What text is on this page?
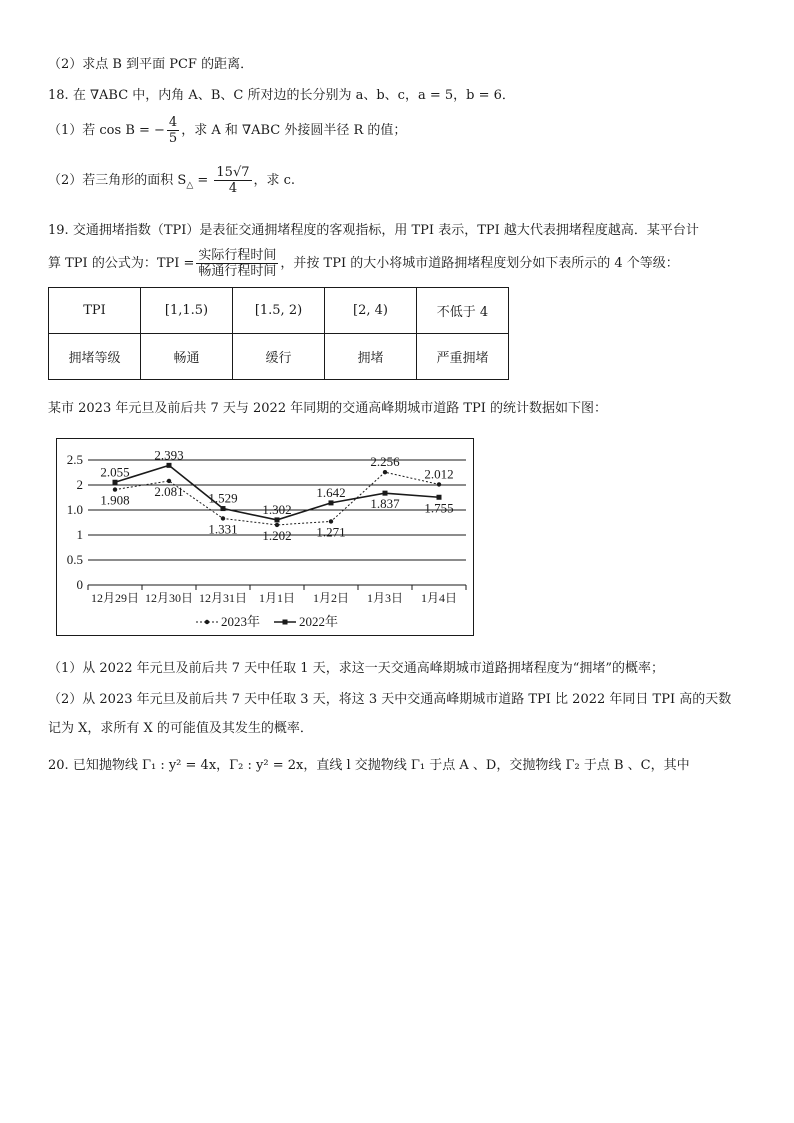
（2）求点 B 到平面 PCF 的距离．
18. 在 ∇ABC 中，内角 A、B、C 所对边的长分别为 a、b、c，a = 5，b = 6．
（1）若 cos B = − $\frac{4}{5}$ ，求 A 和 ∇ABC 外接圆半径 R 的值；
（2）若三角形的面积 $S_\triangle = \frac{15√7}{4}$ ，求 c.
19. 交通拥堵指数（TPI）是表征交通拥堵程度的客观指标，用 TPI 表示，TPI 越大代表拥堵程度越高．某平台计
算 TPI 的公式为：TPI = $\frac{\text{实际行程时间}}{\text{畅通行程时间}}$ ，并按 TPI 的大小将城市道路拥堵程度划分如下表所示的 4 个等级：
TPI	[1,1.5)	[1.5, 2)	[2, 4)	不低于 4
拥堵等级	畅通	缓行	拥堵	严重拥堵
某市 2023 年元旦及前后共 7 天与 2022 年同期的交通高峰期城市道路 TPI 的统计数据如下图：
2.5
2
1.0
1
0.5
0
12月29日 12月30日 12月31日 1月1日 1月2日 1月3日 1月4日
2.055
1.908
2.393
2.081 1.529
1.331
1.302
1.202
1.642
1.271
2.256
1.837
2.012
1.755
2023年	2022年
（1）从 2022 年元旦及前后共 7 天中任取 1 天，求这一天交通高峰期城市道路拥堵程度为“拥堵”的概率；
（2）从 2023 年元旦及前后共 7 天中任取 3 天，将这 3 天中交通高峰期城市道路 TPI 比 2022 年同日 TPI 高的天数
记为 X，求所有 X 的可能值及其发生的概率．
20. 已知抛物线 Γ₁ : y² = 4x，Γ₂ : y² = 2x，直线 l 交抛物线 Γ₁ 于点 A 、D，交抛物线 Γ₂ 于点 B 、C，其中
